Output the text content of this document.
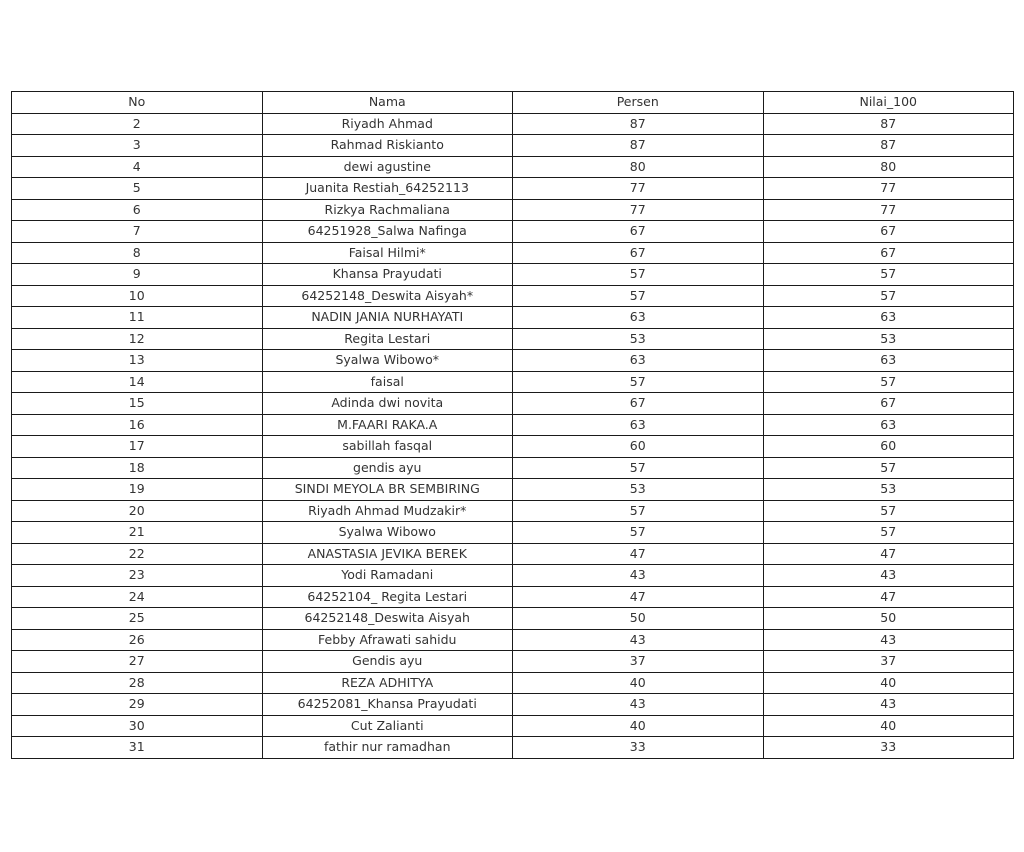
No	Nama	Persen	Nilai_100
2	Riyadh Ahmad	87	87
3	Rahmad Riskianto	87	87
4	dewi agustine	80	80
5	Juanita Restiah_64252113	77	77
6	Rizkya Rachmaliana	77	77
7	64251928_Salwa Nafinga	67	67
8	Faisal Hilmi*	67	67
9	Khansa Prayudati	57	57
10	64252148_Deswita Aisyah*	57	57
11	NADIN JANIA NURHAYATI	63	63
12	Regita Lestari	53	53
13	Syalwa Wibowo*	63	63
14	faisal	57	57
15	Adinda dwi novita	67	67
16	M.FAARI RAKA.A	63	63
17	sabillah fasqal	60	60
18	gendis ayu	57	57
19	SINDI MEYOLA BR SEMBIRING	53	53
20	Riyadh Ahmad Mudzakir*	57	57
21	Syalwa Wibowo	57	57
22	ANASTASIA JEVIKA BEREK	47	47
23	Yodi Ramadani	43	43
24	64252104_ Regita Lestari	47	47
25	64252148_Deswita Aisyah	50	50
26	Febby Afrawati sahidu	43	43
27	Gendis ayu	37	37
28	REZA ADHITYA	40	40
29	64252081_Khansa Prayudati	43	43
30	Cut Zalianti	40	40
31	fathir nur ramadhan	33	33
